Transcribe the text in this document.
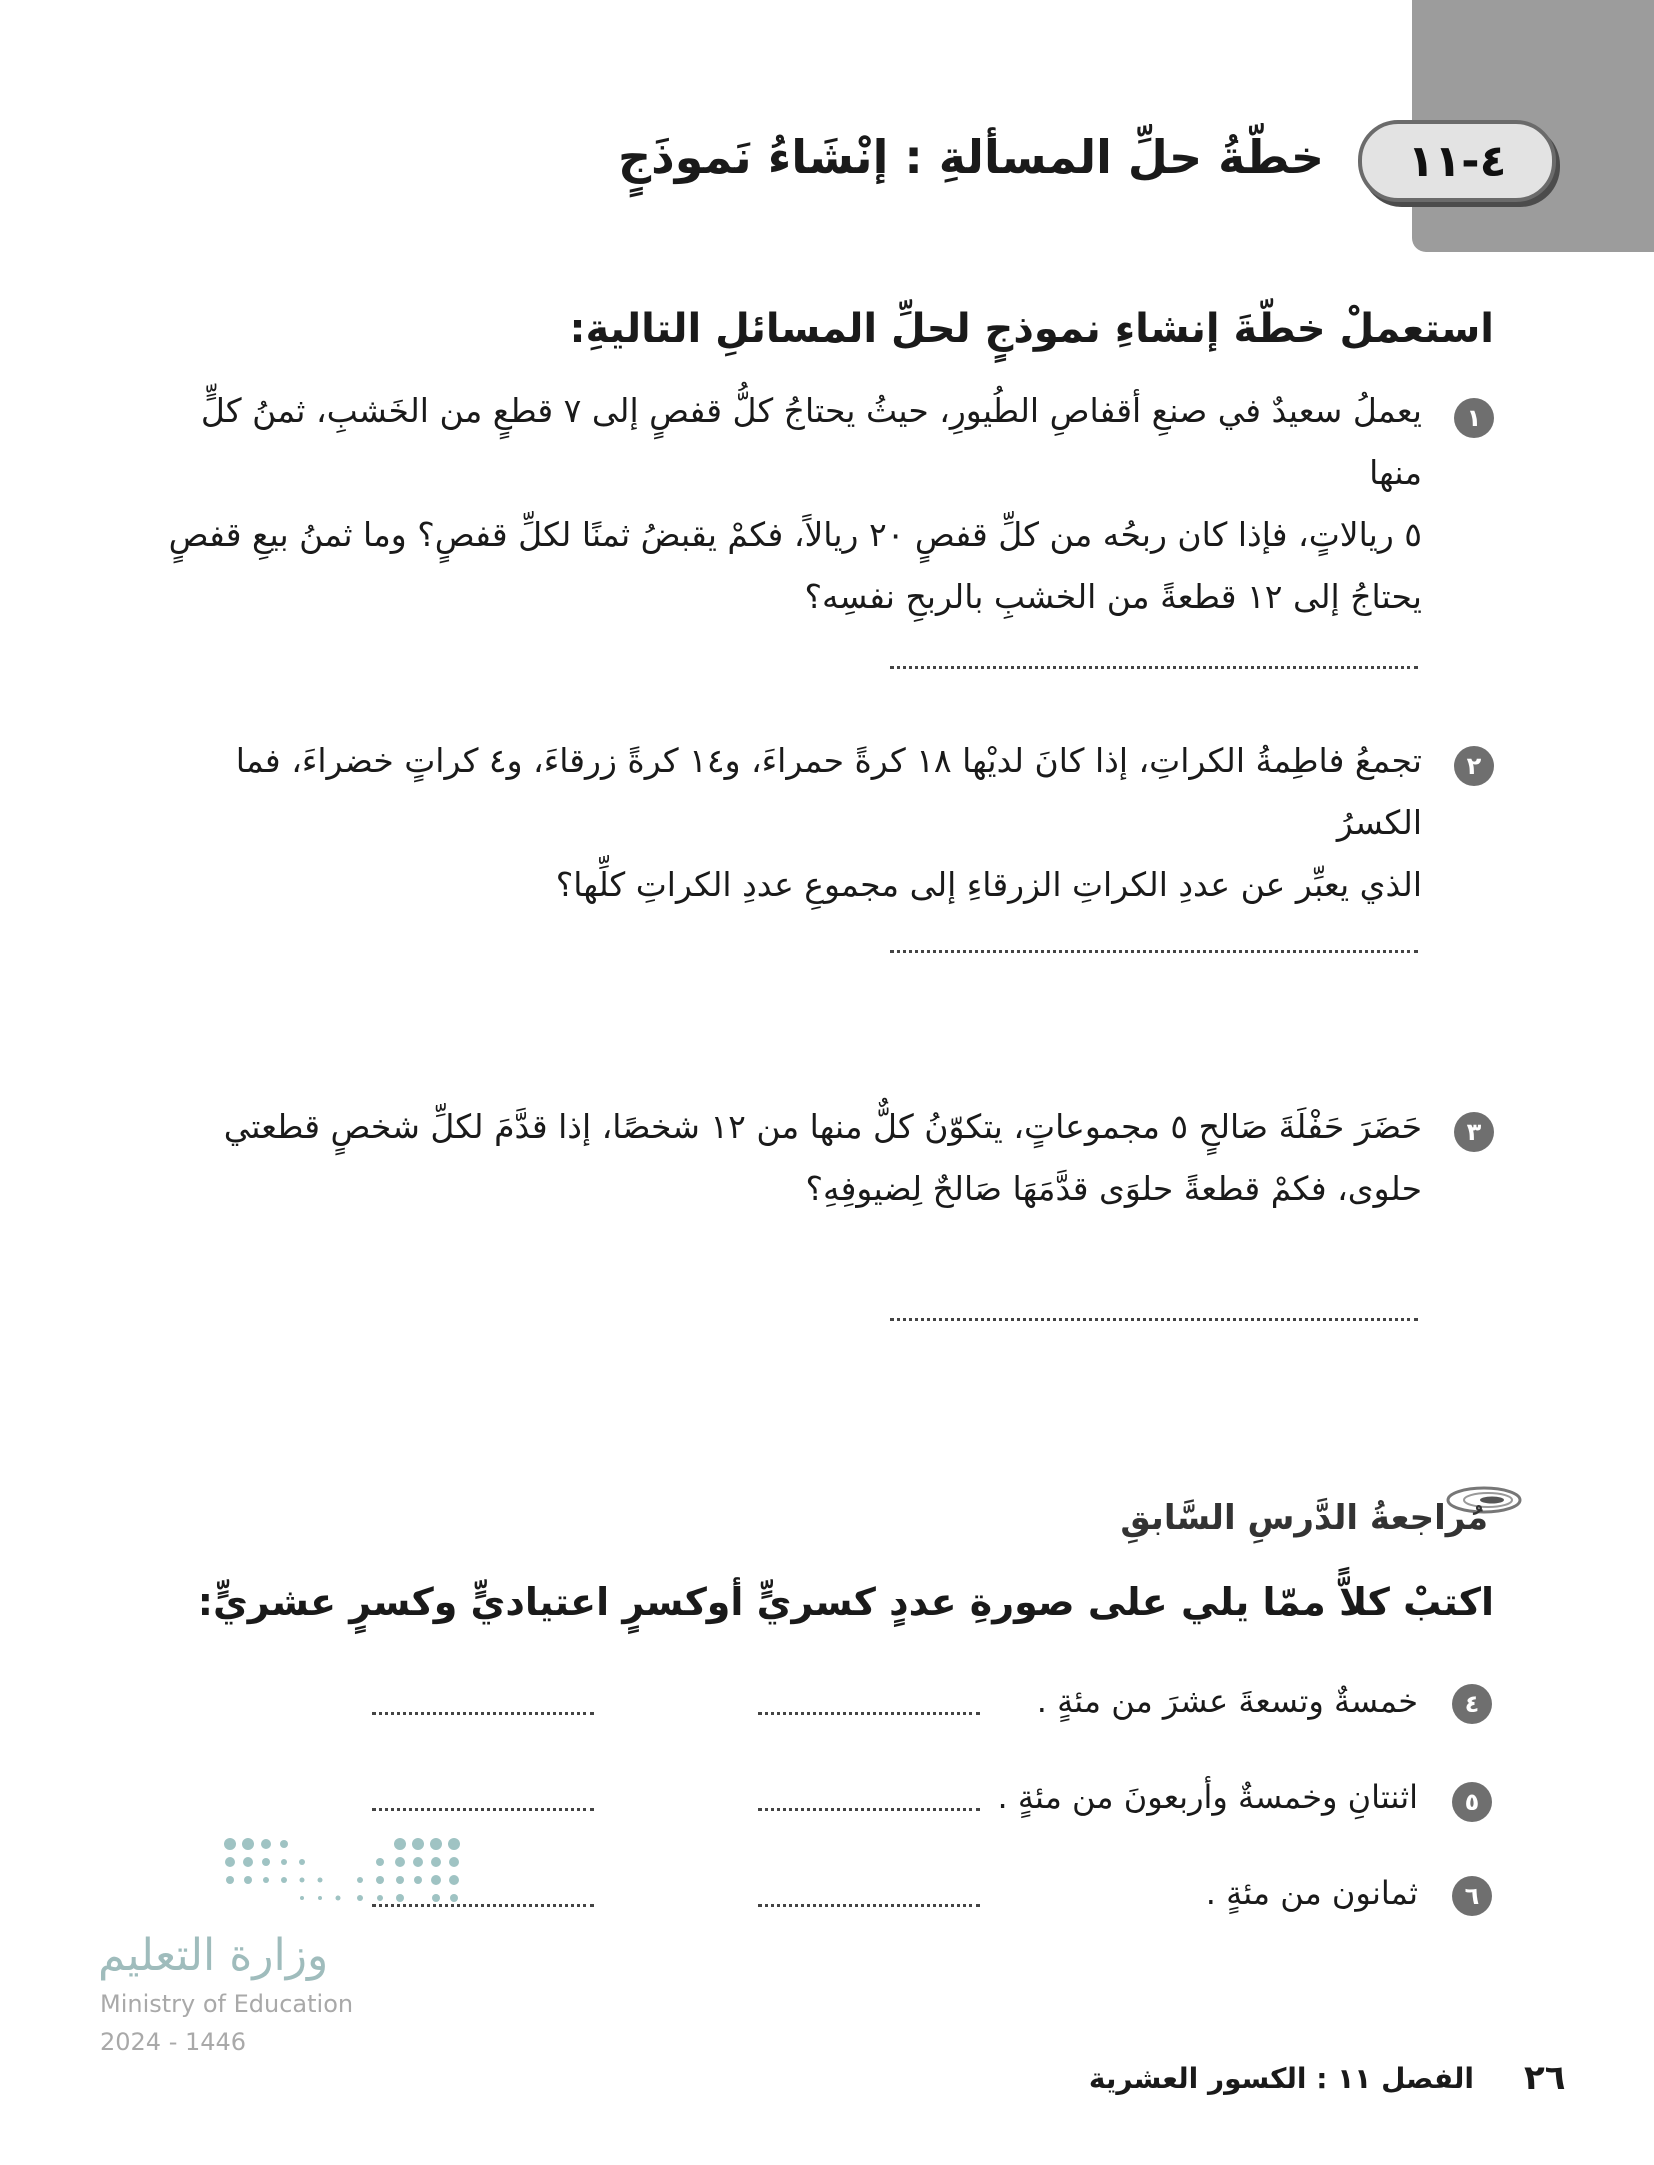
٤-١١
خطّةُ حلِّ المسألةِ : إنْشَاءُ نَموذَجٍ
استعملْ خطّةَ إنشاءِ نموذجٍ لحلِّ المسائلِ التاليةِ:
١
يعملُ سعيدٌ في صنعِ أقفاصِ الطُيورِ، حيثُ يحتاجُ كلُّ قفصٍ إلى ٧ قطعٍ من الخَشبِ، ثمنُ كلٍّ منها
٥ ريالاتٍ، فإذا كان ربحُه من كلِّ قفصٍ ٢٠ ريالاً، فكمْ يقبضُ ثمنًا لكلِّ قفصٍ؟ وما ثمنُ بيعِ قفصٍ
يحتاجُ إلى ١٢ قطعةً من الخشبِ بالربحِ نفسِه؟
٢
تجمعُ فاطِمةُ الكراتِ، إذا كانَ لديْها ١٨ كرةً حمراءَ، و١٤ كرةً زرقاءَ، و٤ كراتٍ خضراءَ، فما الكسرُ
الذي يعبِّر عن عددِ الكراتِ الزرقاءِ إلى مجموعِ عددِ الكراتِ كلِّها؟
٣
حَضَرَ حَفْلَةَ صَالحٍ ٥ مجموعاتٍ، يتكوّنُ كلٌّ منها من ١٢ شخصًا، إذا قدَّمَ لكلِّ شخصٍ قطعتي
حلوى، فكمْ قطعةً حلوَى قدَّمَهَا صَالحٌ لِضيوفِهِ؟
مُراجعةُ الدَّرسِ السَّابقِ
اكتبْ كلاًّ ممّا يلي على صورةِ عددٍ كسريٍّ أوكسرٍ اعتياديٍّ وكسرٍ عشريٍّ:
٤
خمسةٌ وتسعةَ عشرَ من مئةٍ .
٥
اثنتانِ وخمسةٌ وأربعونَ من مئةٍ .
٦
ثمانون من مئةٍ .
وزارة التعليم
Ministry of Education
2024 - 1446
٢٦
الفصل ١١ : الكسور العشرية
